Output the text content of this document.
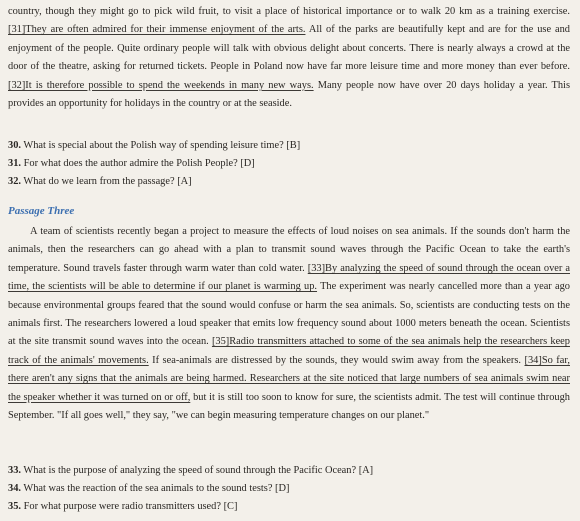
country, though they might go to pick wild fruit, to visit a place of historical importance or to walk 20 km as a training exercise. [31]They are often admired for their immense enjoyment of the arts. All of the parks are beautifully kept and are for the use and enjoyment of the people. Quite ordinary people will talk with obvious delight about concerts. There is nearly always a crowd at the door of the theatre, asking for returned tickets. People in Poland now have far more leisure time and more money than ever before. [32]It is therefore possible to spend the weekends in many new ways. Many people now have over 20 days holiday a year. This provides an opportunity for holidays in the country or at the seaside.

30. What is special about the Polish way of spending leisure time? [B]
31. For what does the author admire the Polish People? [D]
32. What do we learn from the passage? [A]
Passage Three

A team of scientists recently began a project to measure the effects of loud noises on sea animals. If the sounds don't harm the animals, then the researchers can go ahead with a plan to transmit sound waves through the Pacific Ocean to take the earth's temperature. Sound travels faster through warm water than cold water. [33]By analyzing the speed of sound through the ocean over a time, the scientists will be able to determine if our planet is warming up. The experiment was nearly cancelled more than a year ago because environmental groups feared that the sound would confuse or harm the sea animals. So, scientists are conducting tests on the animals first. The researchers lowered a loud speaker that emits low frequency sound about 1000 meters beneath the ocean. Scientists at the site transmit sound waves into the ocean. [35]Radio transmitters attached to some of the sea animals help the researchers keep track of the animals' movements. If sea-animals are distressed by the sounds, they would swim away from the speakers. [34]So far, there aren't any signs that the animals are being harmed. Researchers at the site noticed that large numbers of sea animals swim near the speaker whether it was turned on or off, but it is still too soon to know for sure, the scientists admit. The test will continue through September. "If all goes well," they say, "we can begin measuring temperature changes on our planet."

33. What is the purpose of analyzing the speed of sound through the Pacific Ocean? [A]
34. What was the reaction of the sea animals to the sound tests? [D]
35. For what purpose were radio transmitters used? [C]
